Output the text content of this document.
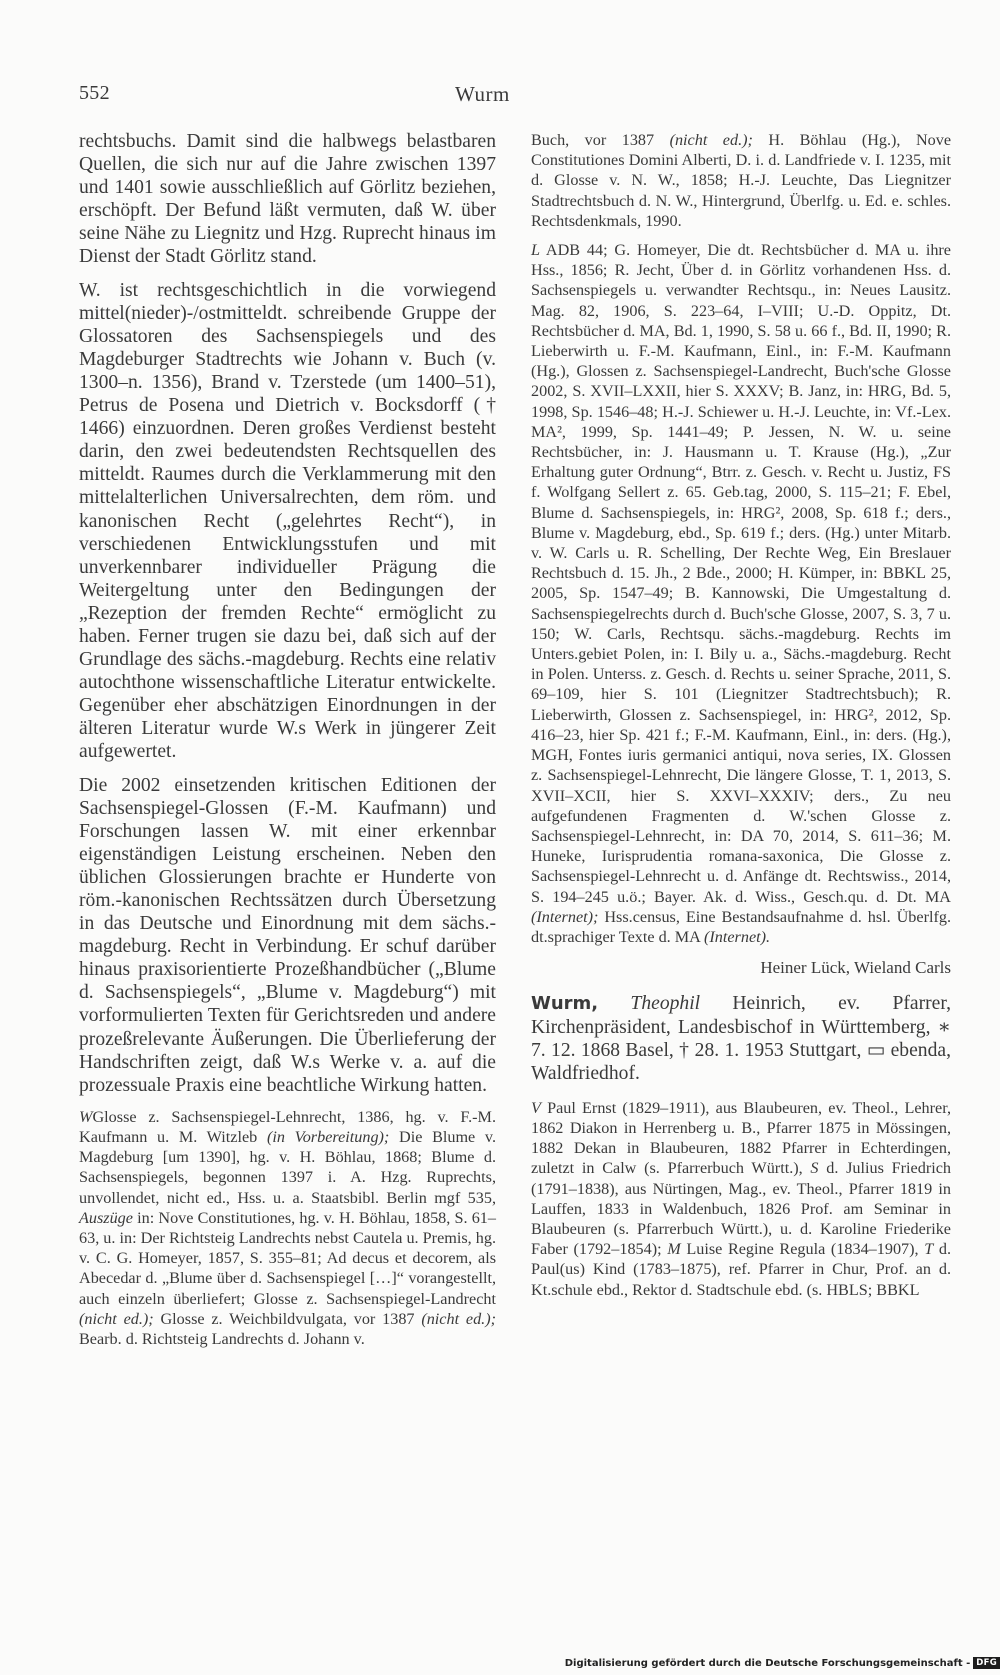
552	Wurm

rechtsbuchs. Damit sind die halbwegs belastbaren Quellen, die sich nur auf die Jahre zwischen 1397 und 1401 sowie ausschließlich auf Görlitz beziehen, erschöpft. Der Befund läßt vermuten, daß W. über seine Nähe zu Liegnitz und Hzg. Ruprecht hinaus im Dienst der Stadt Görlitz stand.

W. ist rechtsgeschichtlich in die vorwiegend mittel(nieder)-/ostmitteldt. schreibende Gruppe der Glossatoren des Sachsenspiegels und des Magdeburger Stadtrechts wie Johann v. Buch (v. 1300–n. 1356), Brand v. Tzerstede (um 1400–51), Petrus de Posena und Dietrich v. Bocksdorff († 1466) einzuordnen. Deren großes Verdienst besteht darin, den zwei bedeutendsten Rechtsquellen des mitteldt. Raumes durch die Verklammerung mit den mittelalterlichen Universalrechten, dem röm. und kanonischen Recht („gelehrtes Recht“), in verschiedenen Entwicklungsstufen und mit unverkennbarer individueller Prägung die Weitergeltung unter den Bedingungen der „Rezeption der fremden Rechte“ ermöglicht zu haben. Ferner trugen sie dazu bei, daß sich auf der Grundlage des sächs.-magdeburg. Rechts eine relativ autochthone wissenschaftliche Literatur entwickelte. Gegenüber eher abschätzigen Einordnungen in der älteren Literatur wurde W.s Werk in jüngerer Zeit aufgewertet.

Die 2002 einsetzenden kritischen Editionen der Sachsenspiegel-Glossen (F.-M. Kaufmann) und Forschungen lassen W. mit einer erkennbar eigenständigen Leistung erscheinen. Neben den üblichen Glossierungen brachte er Hunderte von röm.-kanonischen Rechtssätzen durch Übersetzung in das Deutsche und Einordnung mit dem sächs.-magdeburg. Recht in Verbindung. Er schuf darüber hinaus praxisorientierte Prozeßhandbücher („Blume d. Sachsenspiegels“, „Blume v. Magdeburg“) mit vorformulierten Texten für Gerichtsreden und andere prozeßrelevante Äußerungen. Die Überlieferung der Handschriften zeigt, daß W.s Werke v. a. auf die prozessuale Praxis eine beachtliche Wirkung hatten.

WGlosse z. Sachsenspiegel-Lehnrecht, 1386, hg. v. F.-M. Kaufmann u. M. Witzleb (in Vorbereitung); Die Blume v. Magdeburg [um 1390], hg. v. H. Böhlau, 1868; Blume d. Sachsenspiegels, begonnen 1397 i. A. Hzg. Ruprechts, unvollendet, nicht ed., Hss. u. a. Staatsbibl. Berlin mgf 535, Auszüge in: Nove Constitutiones, hg. v. H. Böhlau, 1858, S. 61–63, u. in: Der Richtsteig Landrechts nebst Cautela u. Premis, hg. v. C. G. Homeyer, 1857, S. 355–81; Ad decus et decorem, als Abecedar d. „Blume über d. Sachsenspiegel […]“ vorangestellt, auch einzeln überliefert; Glosse z. Sachsenspiegel-Landrecht (nicht ed.); Glosse z. Weichbildvulgata, vor 1387 (nicht ed.); Bearb. d. Richtsteig Landrechts d. Johann v.

Buch, vor 1387 (nicht ed.); H. Böhlau (Hg.), Nove Constitutiones Domini Alberti, D. i. d. Landfriede v. I. 1235, mit d. Glosse v. N. W., 1858; H.-J. Leuchte, Das Liegnitzer Stadtrechtsbuch d. N. W., Hintergrund, Überlfg. u. Ed. e. schles. Rechtsdenkmals, 1990.

L ADB 44; G. Homeyer, Die dt. Rechtsbücher d. MA u. ihre Hss., 1856; R. Jecht, Über d. in Görlitz vorhandenen Hss. d. Sachsenspiegels u. verwandter Rechtsqu., in: Neues Lausitz. Mag. 82, 1906, S. 223–64, I–VIII; U.-D. Oppitz, Dt. Rechtsbücher d. MA, Bd. 1, 1990, S. 58 u. 66 f., Bd. II, 1990; R. Lieberwirth u. F.-M. Kaufmann, Einl., in: F.-M. Kaufmann (Hg.), Glossen z. Sachsenspiegel-Landrecht, Buch'sche Glosse 2002, S. XVII–LXXII, hier S. XXXV; B. Janz, in: HRG, Bd. 5, 1998, Sp. 1546–48; H.-J. Schiewer u. H.-J. Leuchte, in: Vf.-Lex. MA², 1999, Sp. 1441–49; P. Jessen, N. W. u. seine Rechtsbücher, in: J. Hausmann u. T. Krause (Hg.), „Zur Erhaltung guter Ordnung“, Btrr. z. Gesch. v. Recht u. Justiz, FS f. Wolfgang Sellert z. 65. Geb.tag, 2000, S. 115–21; F. Ebel, Blume d. Sachsenspiegels, in: HRG², 2008, Sp. 618 f.; ders., Blume v. Magdeburg, ebd., Sp. 619 f.; ders. (Hg.) unter Mitarb. v. W. Carls u. R. Schelling, Der Rechte Weg, Ein Breslauer Rechtsbuch d. 15. Jh., 2 Bde., 2000; H. Kümper, in: BBKL 25, 2005, Sp. 1547–49; B. Kannowski, Die Umgestaltung d. Sachsenspiegelrechts durch d. Buch'sche Glosse, 2007, S. 3, 7 u. 150; W. Carls, Rechtsqu. sächs.-magdeburg. Rechts im Unters.gebiet Polen, in: I. Bily u. a., Sächs.-magdeburg. Recht in Polen. Unterss. z. Gesch. d. Rechts u. seiner Sprache, 2011, S. 69–109, hier S. 101 (Liegnitzer Stadtrechtsbuch); R. Lieberwirth, Glossen z. Sachsenspiegel, in: HRG², 2012, Sp. 416–23, hier Sp. 421 f.; F.-M. Kaufmann, Einl., in: ders. (Hg.), MGH, Fontes iuris germanici antiqui, nova series, IX. Glossen z. Sachsenspiegel-Lehnrecht, Die längere Glosse, T. 1, 2013, S. XVII–XCII, hier S. XXVI–XXXIV; ders., Zu neu aufgefundenen Fragmenten d. W.'schen Glosse z. Sachsenspiegel-Lehnrecht, in: DA 70, 2014, S. 611–36; M. Huneke, Iurisprudentia romana-saxonica, Die Glosse z. Sachsenspiegel-Lehnrecht u. d. Anfänge dt. Rechtswiss., 2014, S. 194–245 u.ö.; Bayer. Ak. d. Wiss., Gesch.qu. d. Dt. MA (Internet); Hss.census, Eine Bestandsaufnahme d. hsl. Überlfg. dt.sprachiger Texte d. MA (Internet).

Heiner Lück, Wieland Carls

Wurm, Theophil Heinrich, ev. Pfarrer, Kirchenpräsident, Landesbischof in Württemberg, ∗ 7. 12. 1868 Basel, † 28. 1. 1953 Stuttgart, ▭ ebenda, Waldfriedhof.

V Paul Ernst (1829–1911), aus Blaubeuren, ev. Theol., Lehrer, 1862 Diakon in Herrenberg u. B., Pfarrer 1875 in Mössingen, 1882 Dekan in Blaubeuren, 1882 Pfarrer in Echterdingen, zuletzt in Calw (s. Pfarrerbuch Württ.), S d. Julius Friedrich (1791–1838), aus Nürtingen, Mag., ev. Theol., Pfarrer 1819 in Lauffen, 1833 in Waldenbuch, 1826 Prof. am Seminar in Blaubeuren (s. Pfarrerbuch Württ.), u. d. Karoline Friederike Faber (1792–1854); M Luise Regine Regula (1834–1907), T d. Paul(us) Kind (1783–1875), ref. Pfarrer in Chur, Prof. an d. Kt.schule ebd., Rektor d. Stadtschule ebd. (s. HBLS; BBKL

Digitalisierung gefördert durch die Deutsche Forschungsgemeinschaft - DFG
